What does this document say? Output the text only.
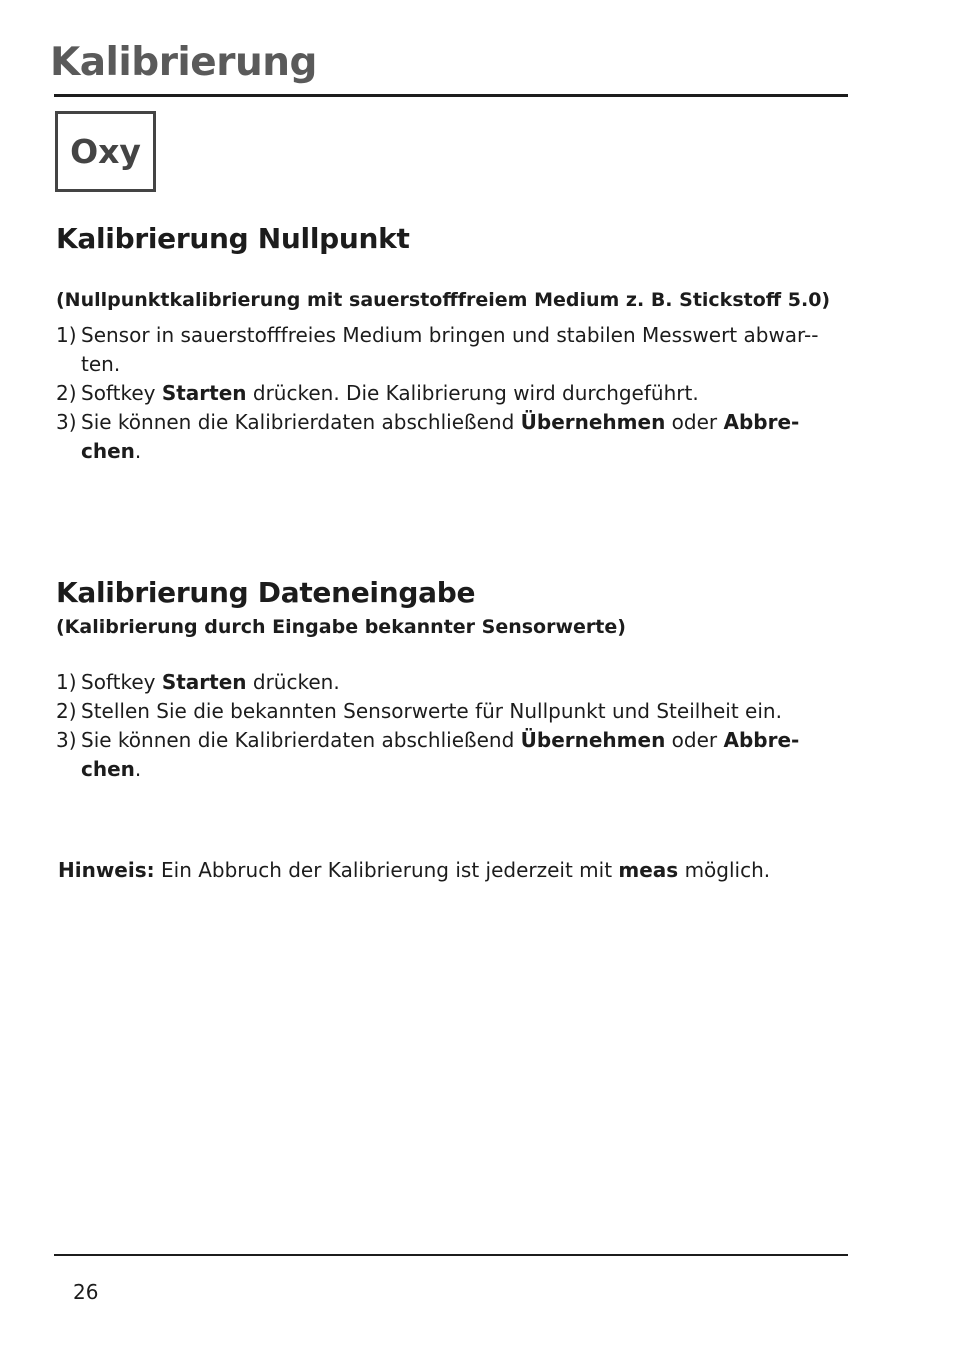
Kalibrierung
Oxy
Kalibrierung Nullpunkt
(Nullpunktkalibrierung mit sauerstofffreiem Medium z. B. Stickstoff 5.0)
1) Sensor in sauerstofffreies Medium bringen und stabilen Messwert abwar-ten.
2) Softkey Starten drücken. Die Kalibrierung wird durchgeführt.
3) Sie können die Kalibrierdaten abschließend Übernehmen oder Abbre-chen.
Kalibrierung Dateneingabe
(Kalibrierung durch Eingabe bekannter Sensorwerte)
1) Softkey Starten drücken.
2) Stellen Sie die bekannten Sensorwerte für Nullpunkt und Steilheit ein.
3) Sie können die Kalibrierdaten abschließend Übernehmen oder Abbre-chen.
Hinweis: Ein Abbruch der Kalibrierung ist jederzeit mit meas möglich.
26
